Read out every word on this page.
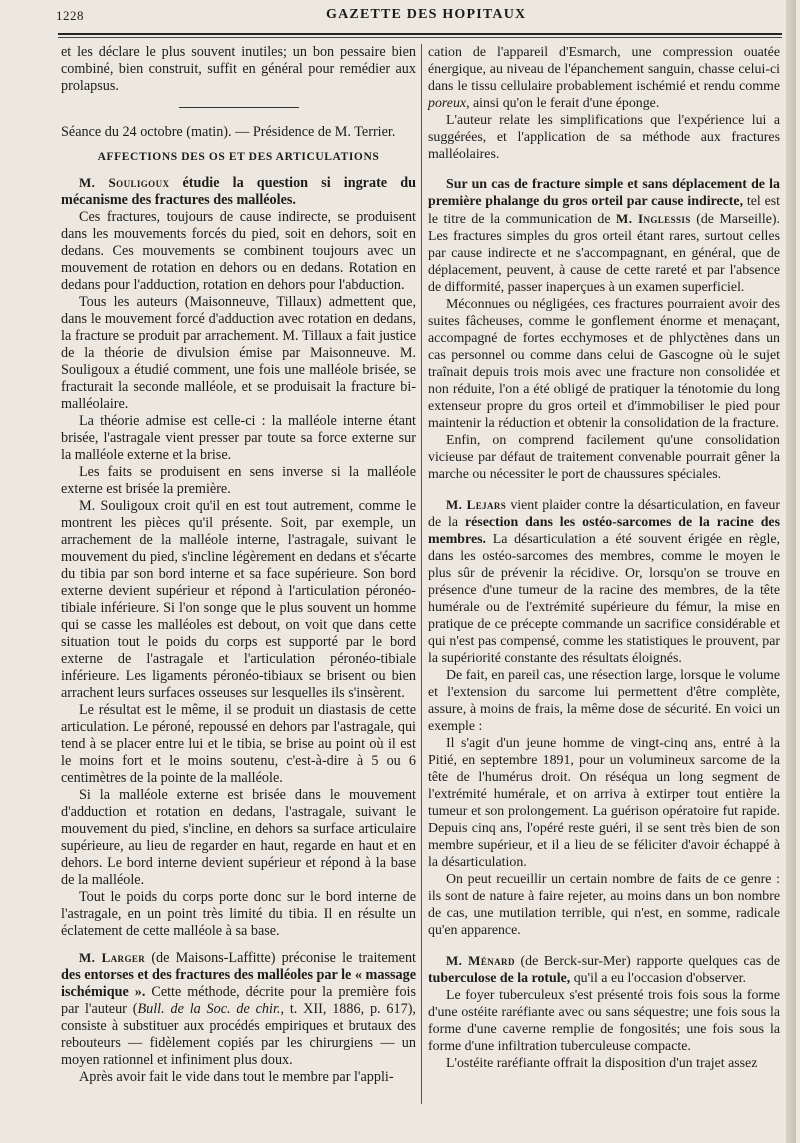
1228	GAZETTE DES HOPITAUX

et les déclare le plus souvent inutiles; un bon pessaire bien combiné, bien construit, suffit en général pour remédier aux prolapsus.

Séance du 24 octobre (matin). — Présidence de M. Terrier.

AFFECTIONS DES OS ET DES ARTICULATIONS

M. Souligoux étudie la question si ingrate du mécanisme des fractures des malléoles.

Ces fractures, toujours de cause indirecte, se produisent dans les mouvements forcés du pied, soit en dehors, soit en dedans. Ces mouvements se combinent toujours avec un mouvement de rotation en dehors ou en dedans. Rotation en dedans pour l'adduction, rotation en dehors pour l'abduction.

Tous les auteurs (Maisonneuve, Tillaux) admettent que, dans le mouvement forcé d'adduction avec rotation en dedans, la fracture se produit par arrachement. M. Tillaux a fait justice de la théorie de divulsion émise par Maisonneuve. M. Souligoux a étudié comment, une fois une malléole brisée, se fracturait la seconde malléole, et se produisait la fracture bi-malléolaire.

La théorie admise est celle-ci : la malléole interne étant brisée, l'astragale vient presser par toute sa force externe sur la malléole externe et la brise.

Les faits se produisent en sens inverse si la malléole externe est brisée la première.

M. Souligoux croit qu'il en est tout autrement, comme le montrent les pièces qu'il présente. Soit, par exemple, un arrachement de la malléole interne, l'astragale, suivant le mouvement du pied, s'incline légèrement en dedans et s'écarte du tibia par son bord interne et sa face supérieure. Son bord externe devient supérieur et répond à l'articulation péronéo-tibiale inférieure. Si l'on songe que le plus souvent un homme qui se casse les malléoles est debout, on voit que dans cette situation tout le poids du corps est supporté par le bord externe de l'astragale et l'articulation péronéo-tibiale inférieure. Les ligaments péronéo-tibiaux se brisent ou bien arrachent leurs surfaces osseuses sur lesquelles ils s'insèrent.

Le résultat est le même, il se produit un diastasis de cette articulation. Le péroné, repoussé en dehors par l'astragale, qui tend à se placer entre lui et le tibia, se brise au point où il est le moins fort et le moins soutenu, c'est-à-dire à 5 ou 6 centimètres de la pointe de la malléole.

Si la malléole externe est brisée dans le mouvement d'adduction et rotation en dedans, l'astragale, suivant le mouvement du pied, s'incline, en dehors sa surface articulaire supérieure, au lieu de regarder en haut, regarde en haut et en dehors. Le bord interne devient supérieur et répond à la base de la malléole.

Tout le poids du corps porte donc sur le bord interne de l'astragale, en un point très limité du tibia. Il en résulte un éclatement de cette malléole à sa base.

M. Larger (de Maisons-Laffitte) préconise le traitement des entorses et des fractures des malléoles par le « massage ischémique ». Cette méthode, décrite pour la première fois par l'auteur (Bull. de la Soc. de chir., t. XII, 1886, p. 617), consiste à substituer aux procédés empiriques et brutaux des rebouteurs — fidèlement copiés par les chirurgiens — un moyen rationnel et infiniment plus doux.

Après avoir fait le vide dans tout le membre par l'appli-

cation de l'appareil d'Esmarch, une compression ouatée énergique, au niveau de l'épanchement sanguin, chasse celui-ci dans le tissu cellulaire probablement ischémié et rendu comme poreux, ainsi qu'on le ferait d'une éponge.

L'auteur relate les simplifications que l'expérience lui a suggérées, et l'application de sa méthode aux fractures malléolaires.

Sur un cas de fracture simple et sans déplacement de la première phalange du gros orteil par cause indirecte, tel est le titre de la communication de M. Inglessis (de Marseille). Les fractures simples du gros orteil étant rares, surtout celles par cause indirecte et ne s'accompagnant, en général, que de déplacement, peuvent, à cause de cette rareté et par l'absence de difformité, passer inaperçues à un examen superficiel.

Méconnues ou négligées, ces fractures pourraient avoir des suites fâcheuses, comme le gonflement énorme et menaçant, accompagné de fortes ecchymoses et de phlyctènes dans un cas personnel ou comme dans celui de Gascogne où le sujet traînait depuis trois mois avec une fracture non consolidée et non réduite, l'on a été obligé de pratiquer la ténotomie du long extenseur propre du gros orteil et d'immobiliser le pied pour maintenir la réduction et obtenir la consolidation de la fracture.

Enfin, on comprend facilement qu'une consolidation vicieuse par défaut de traitement convenable pourrait gêner la marche ou nécessiter le port de chaussures spéciales.

M. Lejars vient plaider contre la désarticulation, en faveur de la résection dans les ostéo-sarcomes de la racine des membres. La désarticulation a été souvent érigée en règle, dans les ostéo-sarcomes des membres, comme le moyen le plus sûr de prévenir la récidive. Or, lorsqu'on se trouve en présence d'une tumeur de la racine des membres, de la tête humérale ou de l'extrémité supérieure du fémur, la mise en pratique de ce précepte commande un sacrifice considérable et qui n'est pas compensé, comme les statistiques le prouvent, par la supériorité constante des résultats éloignés.

De fait, en pareil cas, une résection large, lorsque le volume et l'extension du sarcome lui permettent d'être complète, assure, à moins de frais, la même dose de sécurité. En voici un exemple :

Il s'agit d'un jeune homme de vingt-cinq ans, entré à la Pitié, en septembre 1891, pour un volumineux sarcome de la tête de l'humérus droit. On réséqua un long segment de l'extrémité humérale, et on arriva à extirper tout entière la tumeur et son prolongement. La guérison opératoire fut rapide. Depuis cinq ans, l'opéré reste guéri, il se sent très bien de son membre supérieur, et il a lieu de se féliciter d'avoir échappé à la désarticulation.

On peut recueillir un certain nombre de faits de ce genre : ils sont de nature à faire rejeter, au moins dans un bon nombre de cas, une mutilation terrible, qui n'est, en somme, radicale qu'en apparence.

M. Ménard (de Berck-sur-Mer) rapporte quelques cas de tuberculose de la rotule, qu'il a eu l'occasion d'observer.

Le foyer tuberculeux s'est présenté trois fois sous la forme d'une ostéite raréfiante avec ou sans séquestre; une fois sous la forme d'une caverne remplie de fongosités; une fois sous la forme d'une infiltration tuberculeuse compacte.

L'ostéite raréfiante offrait la disposition d'un trajet assez
